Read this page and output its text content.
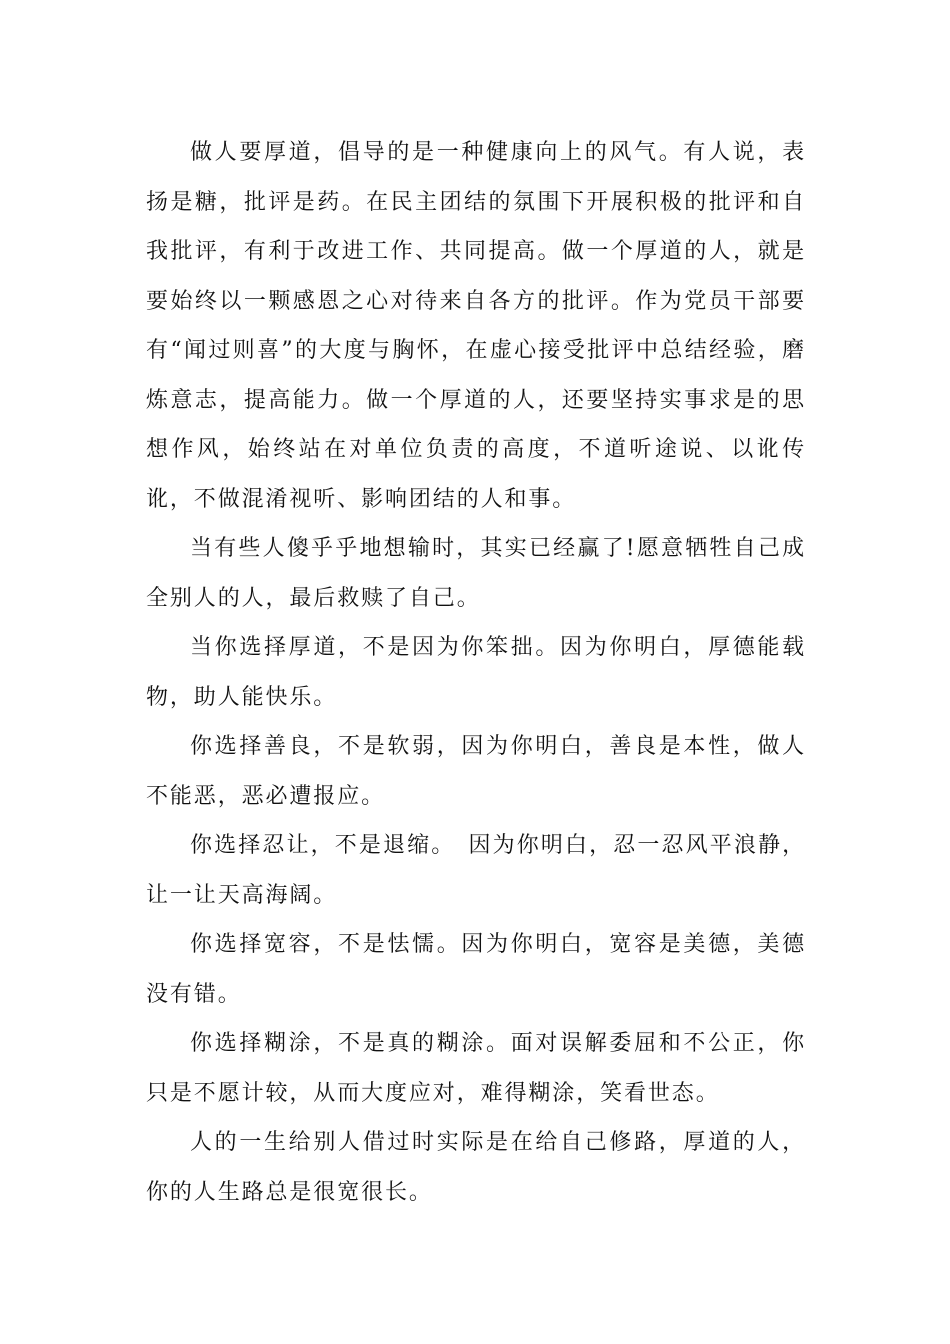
做人要厚道，倡导的是一种健康向上的风气。有人说，表扬是糖，批评是药。在民主团结的氛围下开展积极的批评和自我批评，有利于改进工作、共同提高。做一个厚道的人，就是要始终以一颗感恩之心对待来自各方的批评。作为党员干部要有“闻过则喜”的大度与胸怀，在虚心接受批评中总结经验，磨炼意志，提高能力。做一个厚道的人，还要坚持实事求是的思想作风，始终站在对单位负责的高度，不道听途说、以讹传讹，不做混淆视听、影响团结的人和事。

当有些人傻乎乎地想输时，其实已经赢了!愿意牺牲自己成全别人的人，最后救赎了自己。

当你选择厚道，不是因为你笨拙。因为你明白，厚德能载物，助人能快乐。

你选择善良，不是软弱，因为你明白，善良是本性，做人不能恶，恶必遭报应。

你选择忍让，不是退缩。　因为你明白，忍一忍风平浪静，让一让天高海阔。

你选择宽容，不是怯懦。因为你明白，宽容是美德，美德没有错。

你选择糊涂，不是真的糊涂。面对误解委屈和不公正，你只是不愿计较，从而大度应对，难得糊涂，笑看世态。

人的一生给别人借过时实际是在给自己修路，厚道的人，你的人生路总是很宽很长。
